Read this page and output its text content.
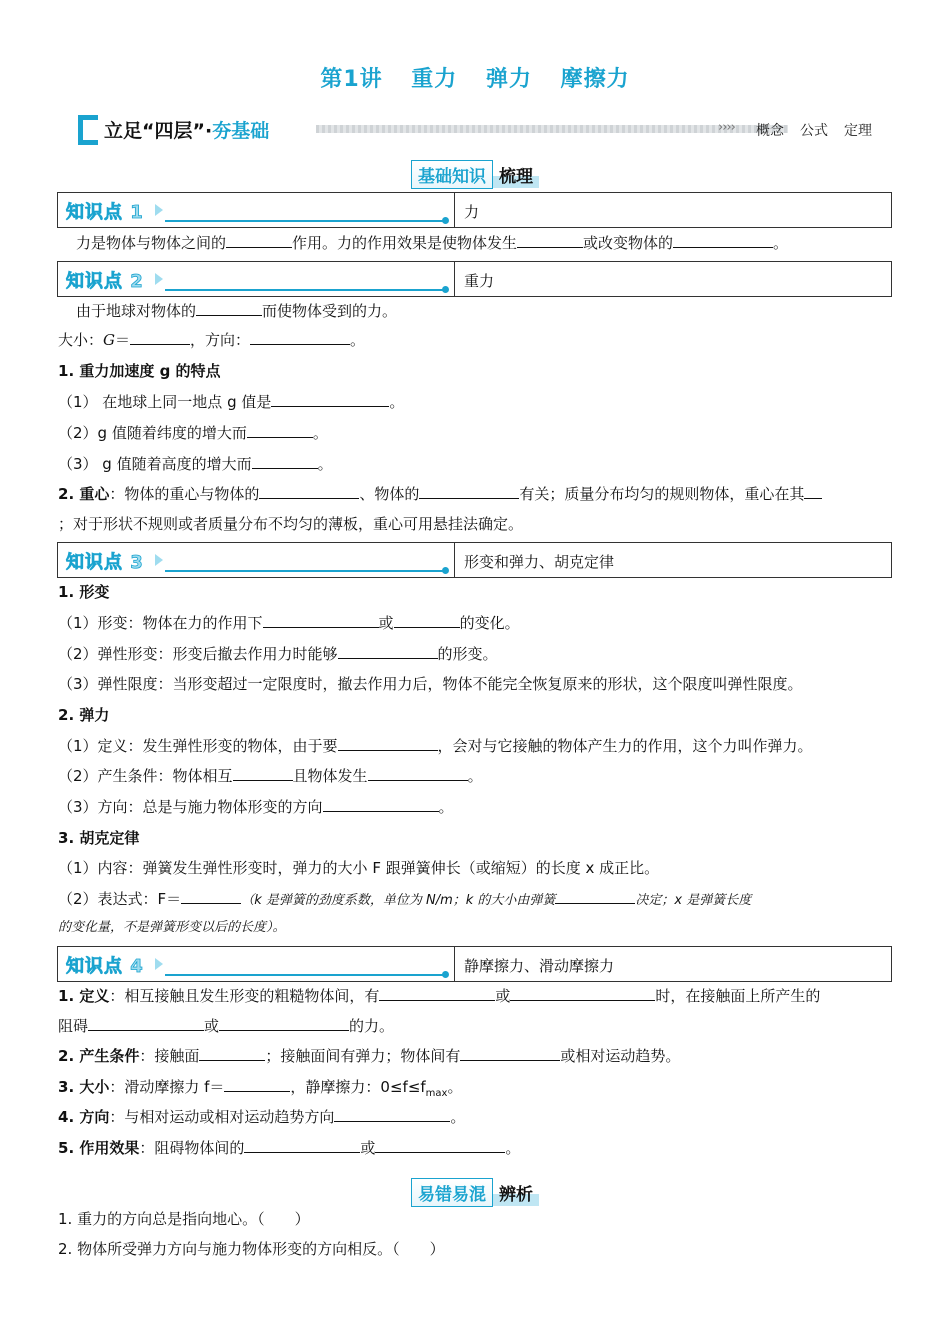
第1讲 重力 弹力 摩擦力
立足“四层”·夯基础	›››› 概念 公式 定理
基础知识 梳理
知识点 1	力
力是物体与物体之间的	作用。力的作用效果是使物体发生	或改变物体的	。
知识点 2	重力
由于地球对物体的	而使物体受到的力。
大小：G＝	，方向：	。
1. 重力加速度 g 的特点
（1） 在地球上同一地点 g 值是	。
（2）g 值随着纬度的增大而	。
（3） g 值随着高度的增大而	。
2. 重心：物体的重心与物体的	、物体的	有关；质量分布均匀的规则物体，重心在其
；对于形状不规则或者质量分布不均匀的薄板，重心可用悬挂法确定。
知识点 3	形变和弹力、胡克定律
1. 形变
（1）形变：物体在力的作用下	或	的变化。
（2）弹性形变：形变后撤去作用力时能够	的形变。
（3）弹性限度：当形变超过一定限度时，撤去作用力后，物体不能完全恢复原来的形状，这个限度叫弹性限度。
2. 弹力
（1）定义：发生弹性形变的物体，由于要	，会对与它接触的物体产生力的作用，这个力叫作弹力。
（2）产生条件：物体相互	且物体发生	。
（3）方向：总是与施力物体形变的方向	。
3. 胡克定律
（1）内容：弹簧发生弹性形变时，弹力的大小 F 跟弹簧伸长（或缩短）的长度 x 成正比。
（2）表达式：F＝	（k 是弹簧的劲度系数，单位为 N/m；k 的大小由弹簧	决定；x 是弹簧长度
的变化量，不是弹簧形变以后的长度）。
知识点 4	静摩擦力、滑动摩擦力
1. 定义：相互接触且发生形变的粗糙物体间，有	或	时，在接触面上所产生的
阻碍	或	的力。
2. 产生条件：接触面	；接触面间有弹力；物体间有	或相对运动趋势。
3. 大小：滑动摩擦力 f＝	，静摩擦力：$0\le f\le f_{max}$。
4. 方向：与相对运动或相对运动趋势方向	。
5. 作用效果：阻碍物体间的	或	。
易错易混 辨析
1. 重力的方向总是指向地心。（　　）
2. 物体所受弹力方向与施力物体形变的方向相反。（　　）
